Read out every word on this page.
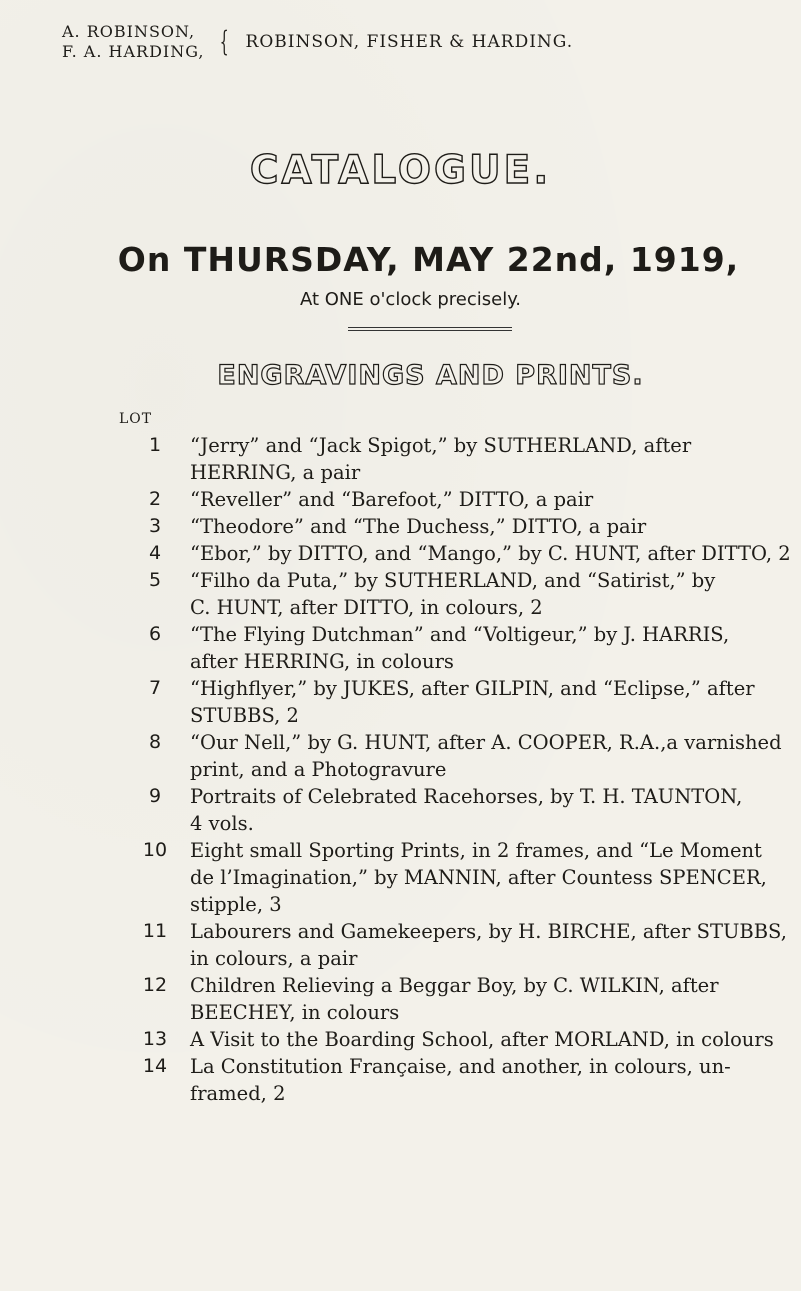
A. ROBINSON,
F. A. HARDING, { ROBINSON, FISHER & HARDING.
CATALOGUE.
On THURSDAY, MAY 22nd, 1919,
At ONE o'clock precisely.
ENGRAVINGS AND PRINTS.
LOT
1	“Jerry” and “Jack Spigot,” by SUTHERLAND, after
HERRING, a pair
2	“Reveller” and “Barefoot,” DITTO, a pair
3	“Theodore” and “The Duchess,” DITTO, a pair
4	“Ebor,” by DITTO, and “Mango,” by C. HUNT, after DITTO, 2
5	“Filho da Puta,” by SUTHERLAND, and “Satirist,” by
C. HUNT, after DITTO, in colours, 2
6	“The Flying Dutchman” and “Voltigeur,” by J. HARRIS,
after HERRING, in colours
7	“Highflyer,” by JUKES, after GILPIN, and “Eclipse,” after
STUBBS, 2
8	“Our Nell,” by G. HUNT, after A. COOPER, R.A.,a varnished
print, and a Photogravure
9	Portraits of Celebrated Racehorses, by T. H. TAUNTON,
4 vols.
10 Eight small Sporting Prints, in 2 frames, and “Le Moment
de l’Imagination,” by MANNIN, after Countess SPENCER,
stipple, 3
11 Labourers and Gamekeepers, by H. BIRCHE, after STUBBS,
in colours, a pair
12 Children Relieving a Beggar Boy, by C. WILKIN, after
BEECHEY, in colours
13 A Visit to the Boarding School, after MORLAND, in colours
14 La Constitution Française, and another, in colours, un-
framed, 2
